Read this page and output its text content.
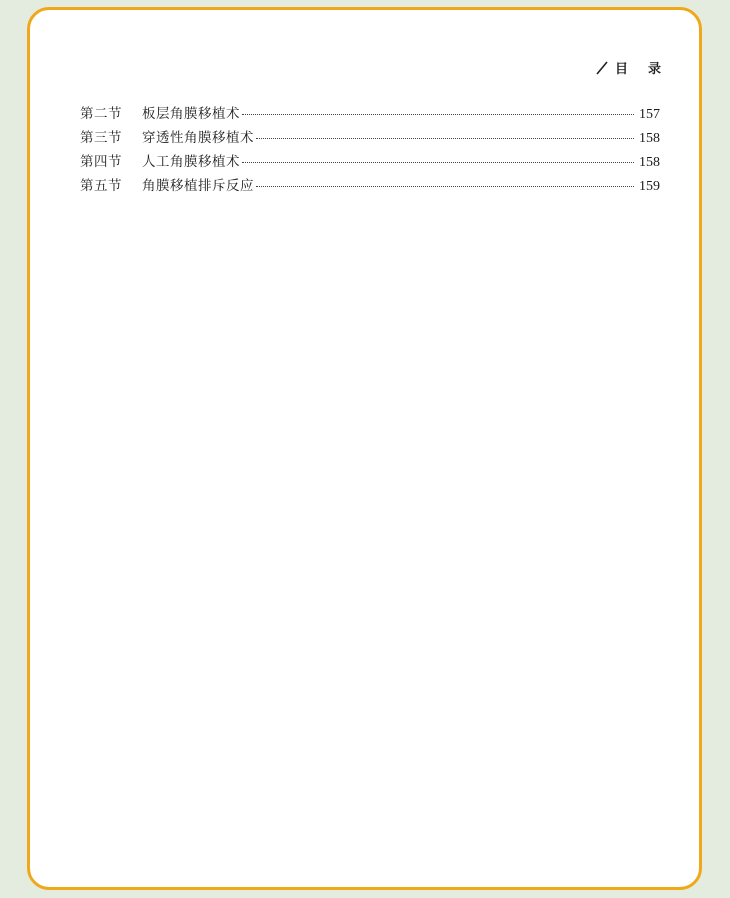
目 录
第二节	板层角膜移植术	157
第三节	穿透性角膜移植术	158
第四节	人工角膜移植术	158
第五节	角膜移植排斥反应	159
